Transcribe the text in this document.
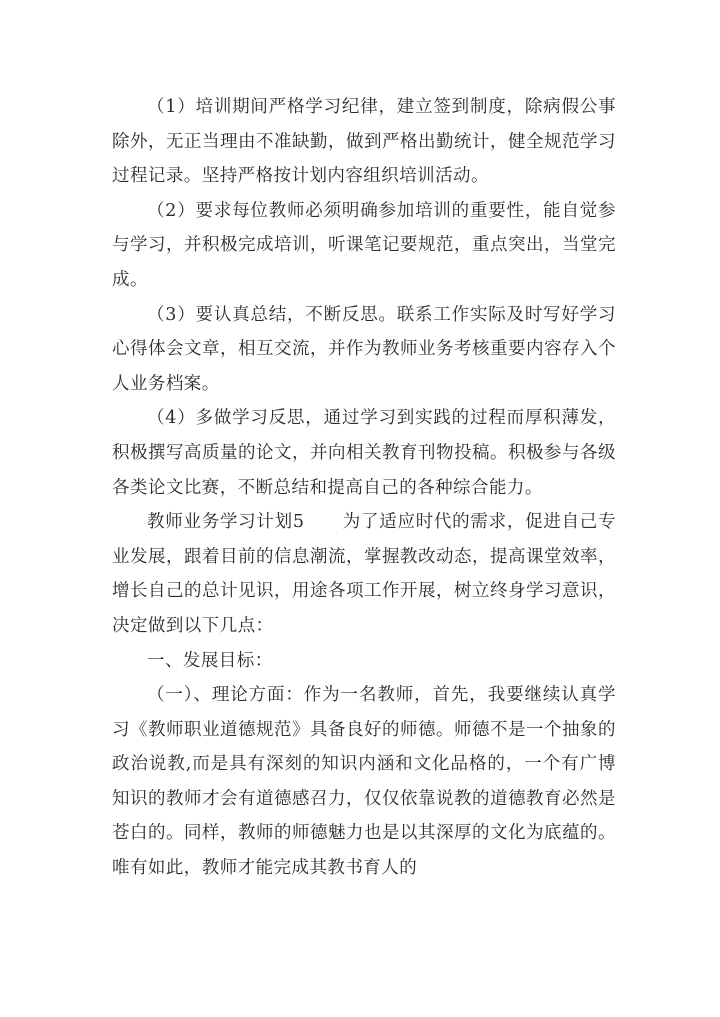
（1）培训期间严格学习纪律，建立签到制度，除病假公事除外，无正当理由不准缺勤，做到严格出勤统计，健全规范学习过程记录。坚持严格按计划内容组织培训活动。

（2）要求每位教师必须明确参加培训的重要性，能自觉参与学习，并积极完成培训，听课笔记要规范，重点突出，当堂完成。

（3）要认真总结，不断反思。联系工作实际及时写好学习心得体会文章，相互交流，并作为教师业务考核重要内容存入个人业务档案。

（4）多做学习反思，通过学习到实践的过程而厚积薄发，积极撰写高质量的论文，并向相关教育刊物投稿。积极参与各级各类论文比赛，不断总结和提高自己的各种综合能力。

教师业务学习计划5 为了适应时代的需求，促进自己专业发展，跟着目前的信息潮流，掌握教改动态，提高课堂效率，增长自己的总计见识，用途各项工作开展，树立终身学习意识，决定做到以下几点：

一、发展目标：

（一）、理论方面：作为一名教师，首先，我要继续认真学习《教师职业道德规范》具备良好的师德。师德不是一个抽象的政治说教,而是具有深刻的知识内涵和文化品格的，一个有广博知识的教师才会有道德感召力，仅仅依靠说教的道德教育必然是苍白的。同样，教师的师德魅力也是以其深厚的文化为底蕴的。唯有如此，教师才能完成其教书育人的
